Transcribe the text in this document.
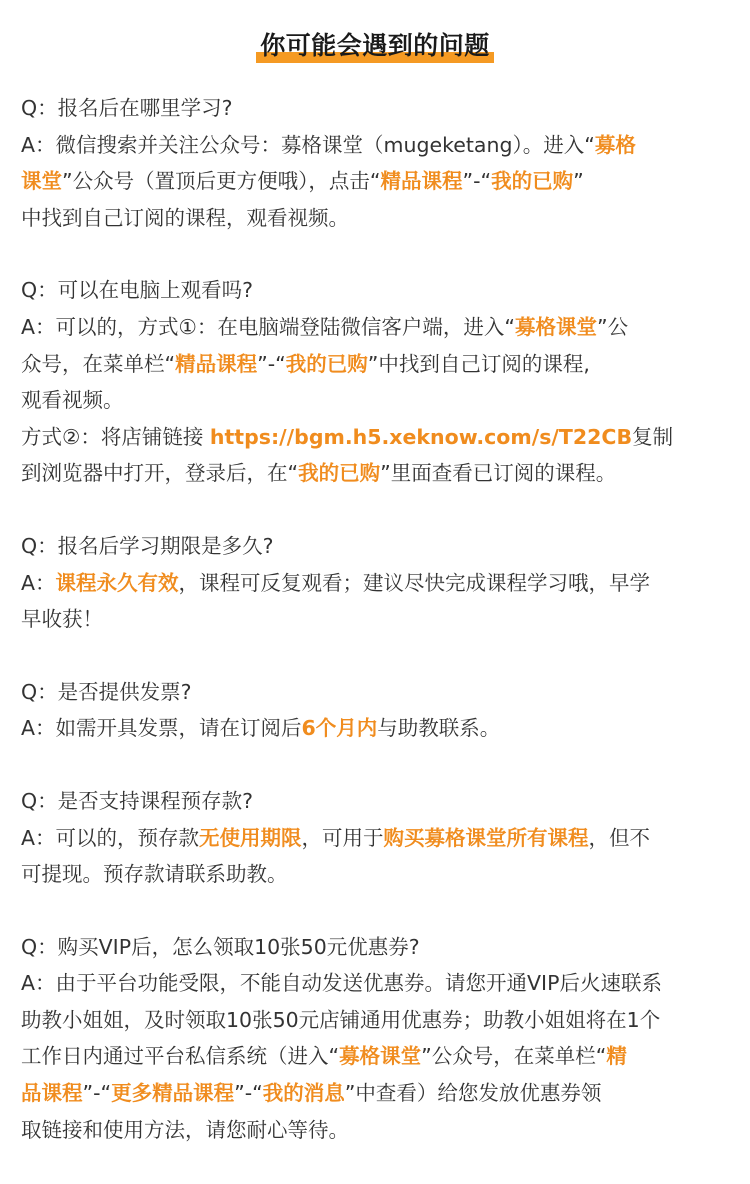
你可能会遇到的问题
Q：报名后在哪里学习?
A：微信搜索并关注公众号：募格课堂（mugeketang）。进入“募格
课堂”公众号（置顶后更方便哦），点击“精品课程”-“我的已购”
中找到自己订阅的课程，观看视频。
Q：可以在电脑上观看吗?
A：可以的，方式①：在电脑端登陆微信客户端，进入“募格课堂”公
众号，在菜单栏“精品课程”-“我的已购”中找到自己订阅的课程,
观看视频。
方式②：将店铺链接 https://bgm.h5.xeknow.com/s/T22CB复制
到浏览器中打开，登录后，在“我的已购”里面查看已订阅的课程。
Q：报名后学习期限是多久?
A：课程永久有效，课程可反复观看；建议尽快完成课程学习哦，早学
早收获！
Q：是否提供发票?
A：如需开具发票，请在订阅后6个月内与助教联系。
Q：是否支持课程预存款?
A：可以的，预存款无使用期限，可用于购买募格课堂所有课程，但不
可提现。预存款请联系助教。
Q：购买VIP后，怎么领取10张50元优惠券?
A：由于平台功能受限，不能自动发送优惠券。请您开通VIP后火速联系
助教小姐姐，及时领取10张50元店铺通用优惠券；助教小姐姐将在1个
工作日内通过平台私信系统（进入“募格课堂”公众号，在菜单栏“精
品课程”-“更多精品课程”-“我的消息”中查看）给您发放优惠券领
取链接和使用方法，请您耐心等待。
